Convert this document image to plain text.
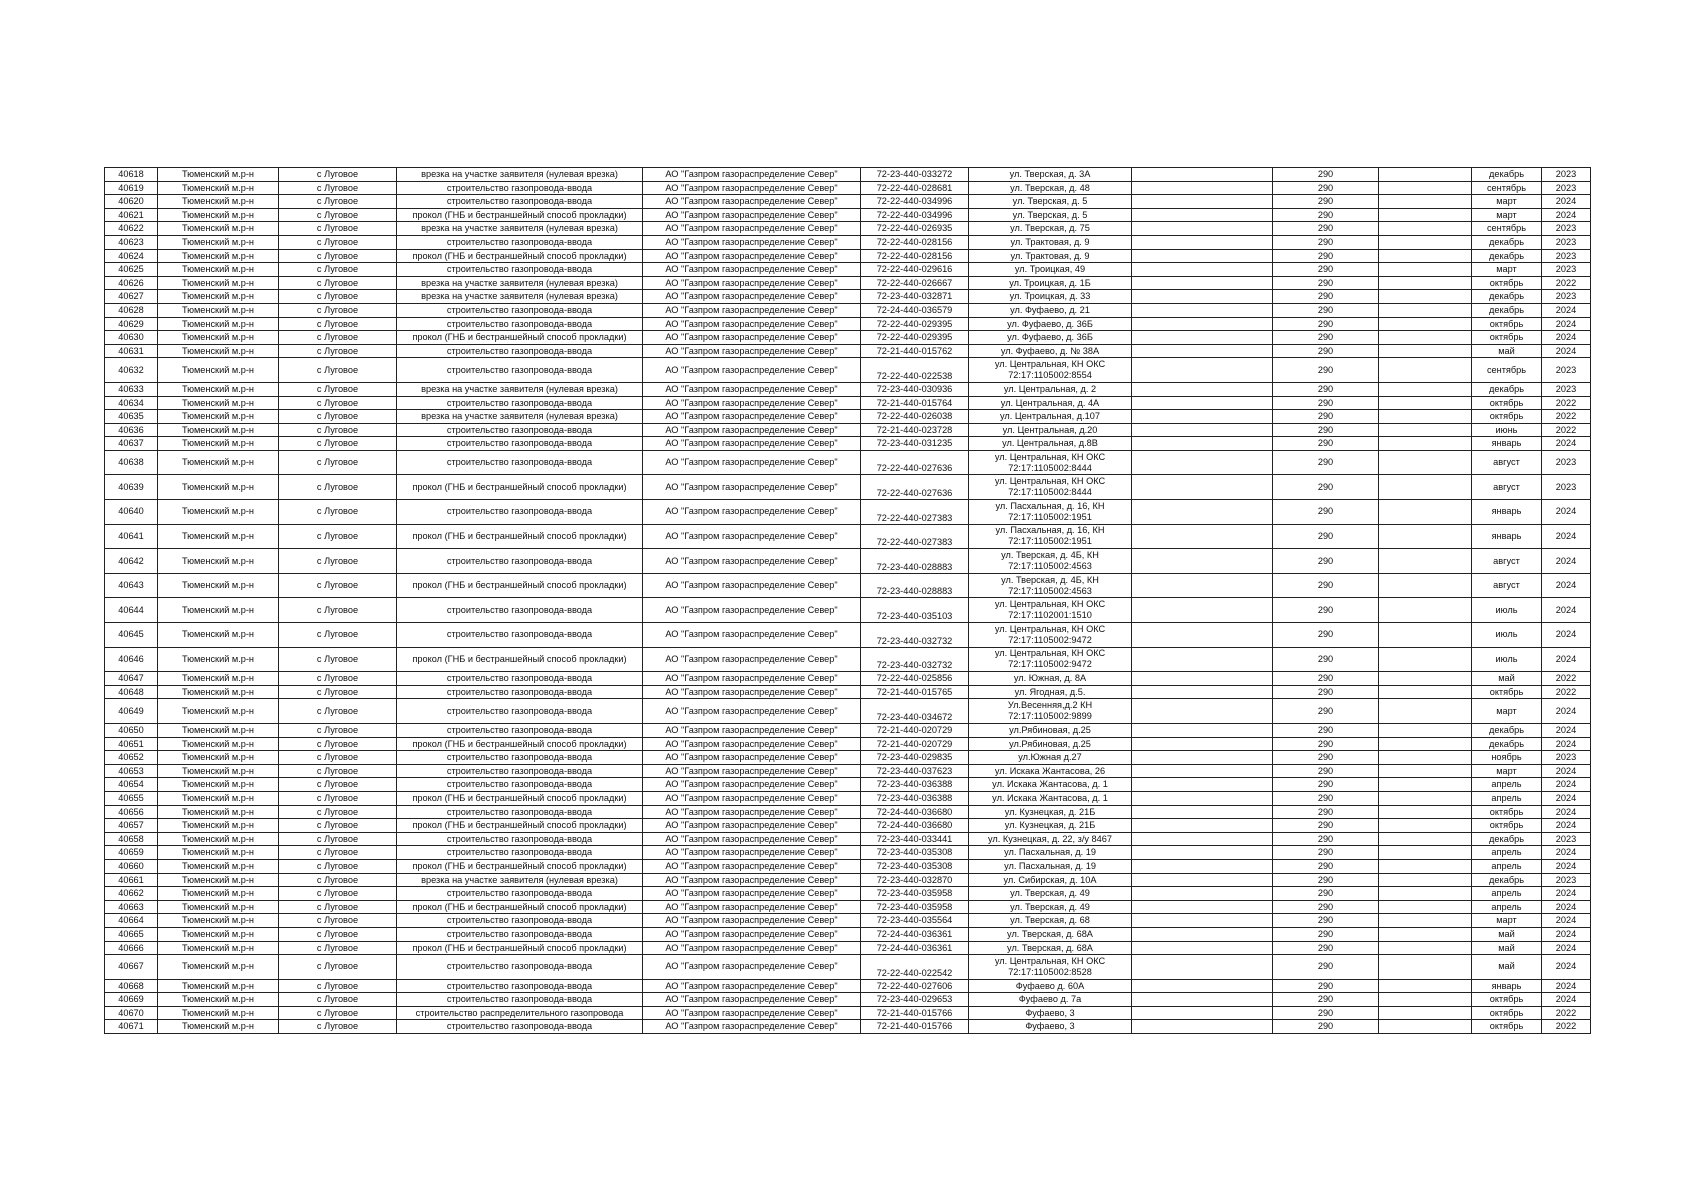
40618	Тюменский м.р-н	с Луговое	врезка на участке заявителя (нулевая врезка)	АО "Газпром газораспределение Север"	72-23-440-033272	ул. Тверская, д. 3А		290		декабрь	2023
40619	Тюменский м.р-н	с Луговое	строительство газопровода-ввода	АО "Газпром газораспределение Север"	72-22-440-028681	ул. Тверская, д. 48		290		сентябрь	2023
40620	Тюменский м.р-н	с Луговое	строительство газопровода-ввода	АО "Газпром газораспределение Север"	72-22-440-034996	ул. Тверская, д. 5		290		март	2024
40621	Тюменский м.р-н	с Луговое	прокол (ГНБ и бестраншейный способ прокладки)	АО "Газпром газораспределение Север"	72-22-440-034996	ул. Тверская, д. 5		290		март	2024
40622	Тюменский м.р-н	с Луговое	врезка на участке заявителя (нулевая врезка)	АО "Газпром газораспределение Север"	72-22-440-026935	ул. Тверская, д. 75		290		сентябрь	2023
40623	Тюменский м.р-н	с Луговое	строительство газопровода-ввода	АО "Газпром газораспределение Север"	72-22-440-028156	ул. Трактовая, д. 9		290		декабрь	2023
40624	Тюменский м.р-н	с Луговое	прокол (ГНБ и бестраншейный способ прокладки)	АО "Газпром газораспределение Север"	72-22-440-028156	ул. Трактовая, д. 9		290		декабрь	2023
40625	Тюменский м.р-н	с Луговое	строительство газопровода-ввода	АО "Газпром газораспределение Север"	72-22-440-029616	ул. Троицкая, 49		290		март	2023
40626	Тюменский м.р-н	с Луговое	врезка на участке заявителя (нулевая врезка)	АО "Газпром газораспределение Север"	72-22-440-026667	ул. Троицкая, д. 1Б		290		октябрь	2022
40627	Тюменский м.р-н	с Луговое	врезка на участке заявителя (нулевая врезка)	АО "Газпром газораспределение Север"	72-23-440-032871	ул. Троицкая, д. 33		290		декабрь	2023
40628	Тюменский м.р-н	с Луговое	строительство газопровода-ввода	АО "Газпром газораспределение Север"	72-24-440-036579	ул. Фуфаево, д. 21		290		декабрь	2024
40629	Тюменский м.р-н	с Луговое	строительство газопровода-ввода	АО "Газпром газораспределение Север"	72-22-440-029395	ул. Фуфаево, д. 36Б		290		октябрь	2024
40630	Тюменский м.р-н	с Луговое	прокол (ГНБ и бестраншейный способ прокладки)	АО "Газпром газораспределение Север"	72-22-440-029395	ул. Фуфаево, д. 36Б		290		октябрь	2024
40631	Тюменский м.р-н	с Луговое	строительство газопровода-ввода	АО "Газпром газораспределение Север"	72-21-440-015762	ул. Фуфаево, д. № 38А		290		май	2024
40632	Тюменский м.р-н	с Луговое	строительство газопровода-ввода	АО "Газпром газораспределение Север"	72-22-440-022538	ул. Центральная, КН ОКС 72:17:1105002:8554		290		сентябрь	2023
40633	Тюменский м.р-н	с Луговое	врезка на участке заявителя (нулевая врезка)	АО "Газпром газораспределение Север"	72-23-440-030936	ул. Центральная, д. 2		290		декабрь	2023
40634	Тюменский м.р-н	с Луговое	строительство газопровода-ввода	АО "Газпром газораспределение Север"	72-21-440-015764	ул. Центральная, д. 4А		290		октябрь	2022
40635	Тюменский м.р-н	с Луговое	врезка на участке заявителя (нулевая врезка)	АО "Газпром газораспределение Север"	72-22-440-026038	ул. Центральная, д.107		290		октябрь	2022
40636	Тюменский м.р-н	с Луговое	строительство газопровода-ввода	АО "Газпром газораспределение Север"	72-21-440-023728	ул. Центральная, д.20		290		июнь	2022
40637	Тюменский м.р-н	с Луговое	строительство газопровода-ввода	АО "Газпром газораспределение Север"	72-23-440-031235	ул. Центральная, д.8В		290		январь	2024
40638	Тюменский м.р-н	с Луговое	строительство газопровода-ввода	АО "Газпром газораспределение Север"	72-22-440-027636	ул. Центральная, КН ОКС 72:17:1105002:8444		290		август	2023
40639	Тюменский м.р-н	с Луговое	прокол (ГНБ и бестраншейный способ прокладки)	АО "Газпром газораспределение Север"	72-22-440-027636	ул. Центральная, КН ОКС 72:17:1105002:8444		290		август	2023
40640	Тюменский м.р-н	с Луговое	строительство газопровода-ввода	АО "Газпром газораспределение Север"	72-22-440-027383	ул. Пасхальная, д. 16, КН 72:17:1105002:1951		290		январь	2024
40641	Тюменский м.р-н	с Луговое	прокол (ГНБ и бестраншейный способ прокладки)	АО "Газпром газораспределение Север"	72-22-440-027383	ул. Пасхальная, д. 16, КН 72:17:1105002:1951		290		январь	2024
40642	Тюменский м.р-н	с Луговое	строительство газопровода-ввода	АО "Газпром газораспределение Север"	72-23-440-028883	ул. Тверская, д. 4Б, КН 72:17:1105002:4563		290		август	2024
40643	Тюменский м.р-н	с Луговое	прокол (ГНБ и бестраншейный способ прокладки)	АО "Газпром газораспределение Север"	72-23-440-028883	ул. Тверская, д. 4Б, КН 72:17:1105002:4563		290		август	2024
40644	Тюменский м.р-н	с Луговое	строительство газопровода-ввода	АО "Газпром газораспределение Север"	72-23-440-035103	ул. Центральная, КН ОКС 72:17:1102001:1510		290		июль	2024
40645	Тюменский м.р-н	с Луговое	строительство газопровода-ввода	АО "Газпром газораспределение Север"	72-23-440-032732	ул. Центральная, КН ОКС 72:17:1105002:9472		290		июль	2024
40646	Тюменский м.р-н	с Луговое	прокол (ГНБ и бестраншейный способ прокладки)	АО "Газпром газораспределение Север"	72-23-440-032732	ул. Центральная, КН ОКС 72:17:1105002:9472		290		июль	2024
40647	Тюменский м.р-н	с Луговое	строительство газопровода-ввода	АО "Газпром газораспределение Север"	72-22-440-025856	ул. Южная, д. 8А		290		май	2022
40648	Тюменский м.р-н	с Луговое	строительство газопровода-ввода	АО "Газпром газораспределение Север"	72-21-440-015765	ул. Ягодная, д.5.		290		октябрь	2022
40649	Тюменский м.р-н	с Луговое	строительство газопровода-ввода	АО "Газпром газораспределение Север"	72-23-440-034672	Ул.Весенняя,д.2 КН 72:17:1105002:9899		290		март	2024
40650	Тюменский м.р-н	с Луговое	строительство газопровода-ввода	АО "Газпром газораспределение Север"	72-21-440-020729	ул.Рябиновая, д.25		290		декабрь	2024
40651	Тюменский м.р-н	с Луговое	прокол (ГНБ и бестраншейный способ прокладки)	АО "Газпром газораспределение Север"	72-21-440-020729	ул.Рябиновая, д.25		290		декабрь	2024
40652	Тюменский м.р-н	с Луговое	строительство газопровода-ввода	АО "Газпром газораспределение Север"	72-23-440-029835	ул.Южная д.27		290		ноябрь	2023
40653	Тюменский м.р-н	с Луговое	строительство газопровода-ввода	АО "Газпром газораспределение Север"	72-23-440-037623	ул. Искака Жантасова, 26		290		март	2024
40654	Тюменский м.р-н	с Луговое	строительство газопровода-ввода	АО "Газпром газораспределение Север"	72-23-440-036388	ул. Искака Жантасова, д. 1		290		апрель	2024
40655	Тюменский м.р-н	с Луговое	прокол (ГНБ и бестраншейный способ прокладки)	АО "Газпром газораспределение Север"	72-23-440-036388	ул. Искака Жантасова, д. 1		290		апрель	2024
40656	Тюменский м.р-н	с Луговое	строительство газопровода-ввода	АО "Газпром газораспределение Север"	72-24-440-036680	ул. Кузнецкая, д. 21Б		290		октябрь	2024
40657	Тюменский м.р-н	с Луговое	прокол (ГНБ и бестраншейный способ прокладки)	АО "Газпром газораспределение Север"	72-24-440-036680	ул. Кузнецкая, д. 21Б		290		октябрь	2024
40658	Тюменский м.р-н	с Луговое	строительство газопровода-ввода	АО "Газпром газораспределение Север"	72-23-440-033441	ул. Кузнецкая, д. 22, з/у 8467		290		декабрь	2023
40659	Тюменский м.р-н	с Луговое	строительство газопровода-ввода	АО "Газпром газораспределение Север"	72-23-440-035308	ул. Пасхальная, д. 19		290		апрель	2024
40660	Тюменский м.р-н	с Луговое	прокол (ГНБ и бестраншейный способ прокладки)	АО "Газпром газораспределение Север"	72-23-440-035308	ул. Пасхальная, д. 19		290		апрель	2024
40661	Тюменский м.р-н	с Луговое	врезка на участке заявителя (нулевая врезка)	АО "Газпром газораспределение Север"	72-23-440-032870	ул. Сибирская, д. 10А		290		декабрь	2023
40662	Тюменский м.р-н	с Луговое	строительство газопровода-ввода	АО "Газпром газораспределение Север"	72-23-440-035958	ул. Тверская, д. 49		290		апрель	2024
40663	Тюменский м.р-н	с Луговое	прокол (ГНБ и бестраншейный способ прокладки)	АО "Газпром газораспределение Север"	72-23-440-035958	ул. Тверская, д. 49		290		апрель	2024
40664	Тюменский м.р-н	с Луговое	строительство газопровода-ввода	АО "Газпром газораспределение Север"	72-23-440-035564	ул. Тверская, д. 68		290		март	2024
40665	Тюменский м.р-н	с Луговое	строительство газопровода-ввода	АО "Газпром газораспределение Север"	72-24-440-036361	ул. Тверская, д. 68А		290		май	2024
40666	Тюменский м.р-н	с Луговое	прокол (ГНБ и бестраншейный способ прокладки)	АО "Газпром газораспределение Север"	72-24-440-036361	ул. Тверская, д. 68А		290		май	2024
40667	Тюменский м.р-н	с Луговое	строительство газопровода-ввода	АО "Газпром газораспределение Север"	72-22-440-022542	ул. Центральная, КН ОКС 72:17:1105002:8528		290		май	2024
40668	Тюменский м.р-н	с Луговое	строительство газопровода-ввода	АО "Газпром газораспределение Север"	72-22-440-027606	Фуфаево д. 60А		290		январь	2024
40669	Тюменский м.р-н	с Луговое	строительство газопровода-ввода	АО "Газпром газораспределение Север"	72-23-440-029653	Фуфаево д. 7а		290		октябрь	2024
40670	Тюменский м.р-н	с Луговое	строительство распределительного газопровода	АО "Газпром газораспределение Север"	72-21-440-015766	Фуфаево, 3		290		октябрь	2022
40671	Тюменский м.р-н	с Луговое	строительство газопровода-ввода	АО "Газпром газораспределение Север"	72-21-440-015766	Фуфаево, 3		290		октябрь	2022
